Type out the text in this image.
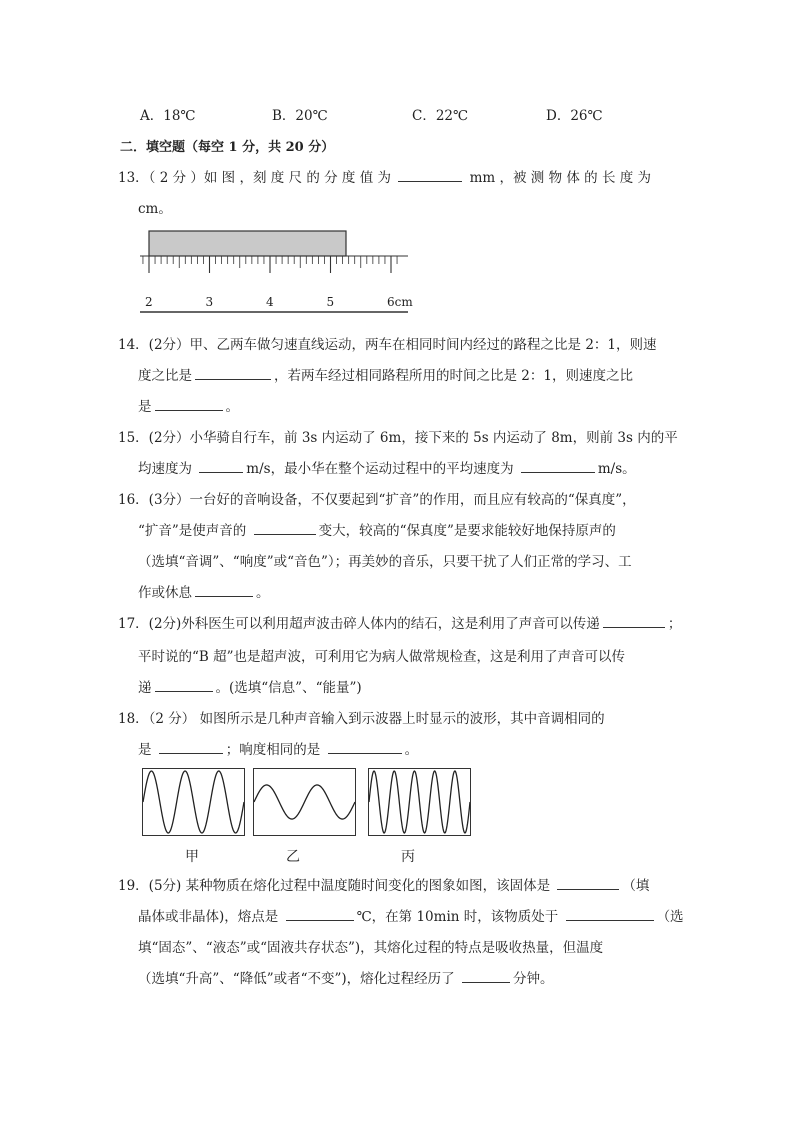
A．18℃	B．20℃	C．22℃	D．26℃
二．填空题（每空 1 分，共 20 分）
13．（ 2 分 ）如 图 ，刻 度 尺 的 分 度 值 为	mm ，被 测 物 体 的 长 度 为
cm。
2	3	4	5	6cm
14．(2分）甲、乙两车做匀速直线运动，两车在相同时间内经过的路程之比是 2：1，则速
度之比是	，若两车经过相同路程所用的时间之比是 2：1，则速度之比
是	。
15．(2分）小华骑自行车，前 3s 内运动了 6m，接下来的 5s 内运动了 8m，则前 3s 内的平
均速度为	m/s，最小华在整个运动过程中的平均速度为	m/s。
16．(3分）一台好的音响设备，不仅要起到“扩音”的作用，而且应有较高的“保真度”，
“扩音”是使声音的	变大，较高的“保真度”是要求能较好地保持原声的
（选填“音调”、“响度”或“音色”）；再美妙的音乐，只要干扰了人们正常的学习、工
作或休息	。
17．(2分)外科医生可以利用超声波击碎人体内的结石，这是利用了声音可以传递	；
平时说的“B 超”也是超声波，可利用它为病人做常规检查，这是利用了声音可以传
递	。(选填“信息”、“能量”)
18．（2 分） 如图所示是几种声音输入到示波器上时显示的波形，其中音调相同的
是	；响度相同的是	。
甲	乙	丙
19．(5分) 某种物质在熔化过程中温度随时间变化的图象如图，该固体是	（填
晶体或非晶体)，熔点是	℃，在第 10min 时，该物质处于	（选
填“固态”、“液态”或“固液共存状态”)，其熔化过程的特点是吸收热量，但温度
（选填“升高”、“降低”或者“不变”)，熔化过程经历了	分钟。
